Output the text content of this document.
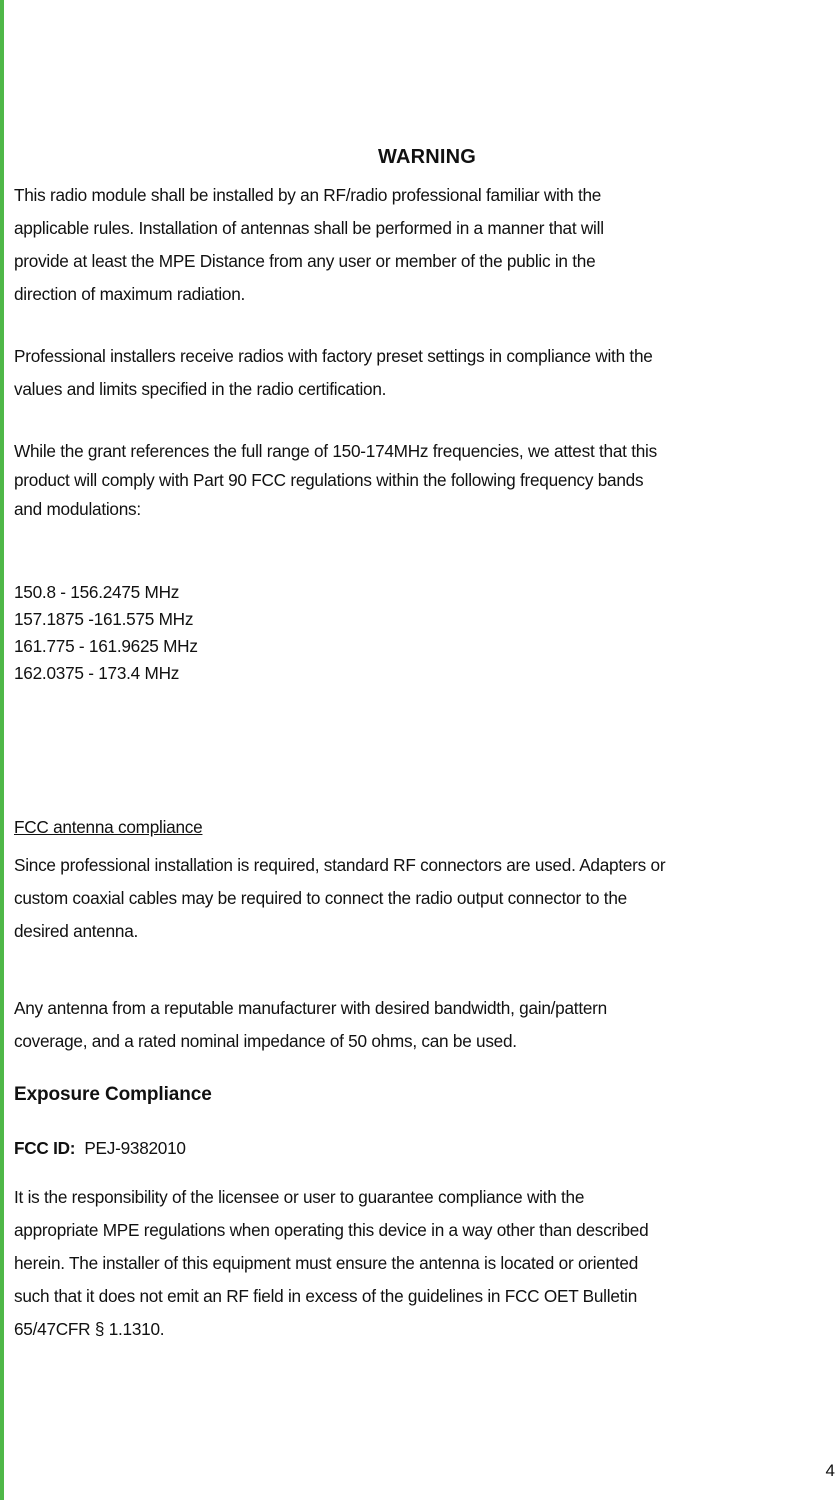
WARNING
This radio module shall be installed by an RF/radio professional familiar with the
applicable rules. Installation of antennas shall be performed in a manner that will
provide at least the MPE Distance from any user or member of the public in the
direction of maximum radiation.
Professional installers receive radios with factory preset settings in compliance with the
values and limits specified in the radio certification.
While the grant references the full range of 150-174MHz frequencies, we attest that this
product will comply with Part 90 FCC regulations within the following frequency bands
and modulations:
150.8 - 156.2475 MHz
157.1875 -161.575 MHz
161.775 - 161.9625 MHz
162.0375 - 173.4 MHz
FCC antenna compliance
Since professional installation is required, standard RF connectors are used. Adapters or
custom coaxial cables may be required to connect the radio output connector to the
desired antenna.
Any antenna from a reputable manufacturer with desired bandwidth, gain/pattern
coverage, and a rated nominal impedance of 50 ohms, can be used.
Exposure Compliance
FCC ID: PEJ-9382010
It is the responsibility of the licensee or user to guarantee compliance with the
appropriate MPE regulations when operating this device in a way other than described
herein. The installer of this equipment must ensure the antenna is located or oriented
such that it does not emit an RF field in excess of the guidelines in FCC OET Bulletin
65/47CFR § 1.1310.
4
